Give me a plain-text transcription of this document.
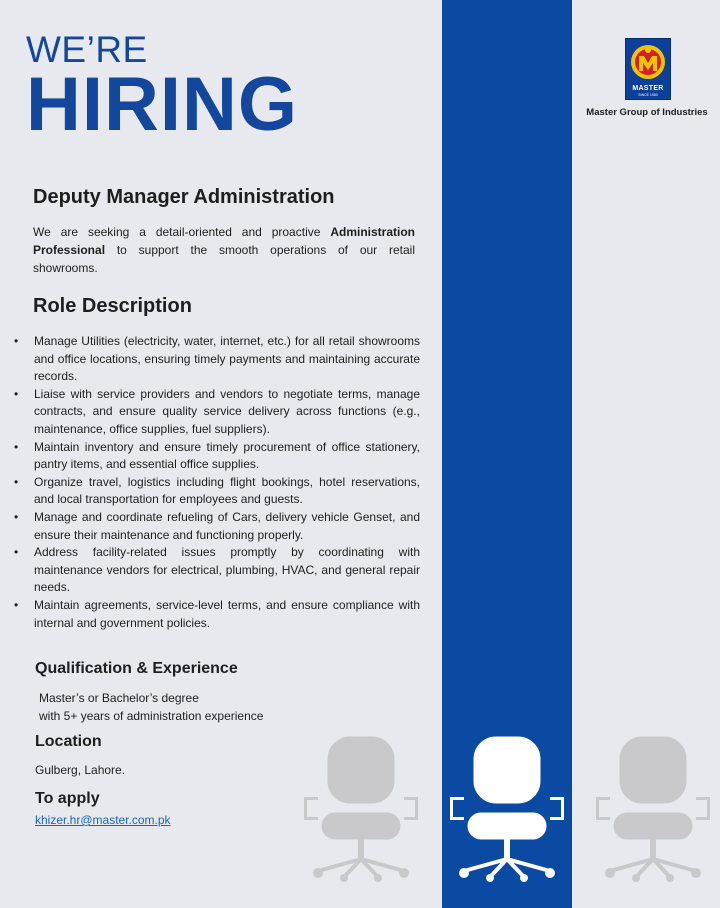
WE’RE
HIRING	MASTER
SINCE 1963
Master Group of Industries
Deputy Manager Administration
We are seeking a detail-oriented and proactive Administration Professional to support the smooth operations of our retail showrooms.
Role Description
• Manage Utilities (electricity, water, internet, etc.) for all retail showrooms and office locations, ensuring timely payments and maintaining accurate records.
• Liaise with service providers and vendors to negotiate terms, manage contracts, and ensure quality service delivery across functions (e.g., maintenance, office supplies, fuel suppliers).
• Maintain inventory and ensure timely procurement of office stationery, pantry items, and essential office supplies.
• Organize travel, logistics including flight bookings, hotel reservations, and local transportation for employees and guests.
• Manage and coordinate refueling of Cars, delivery vehicle Genset, and ensure their maintenance and functioning properly.
• Address facility-related issues promptly by coordinating with maintenance vendors for electrical, plumbing, HVAC, and general repair needs.
• Maintain agreements, service-level terms, and ensure compliance with internal and government policies.
Qualification & Experience
Master’s or Bachelor’s degree
with 5+ years of administration experience
Location
Gulberg, Lahore.
To apply
khizer.hr@master.com.pk
